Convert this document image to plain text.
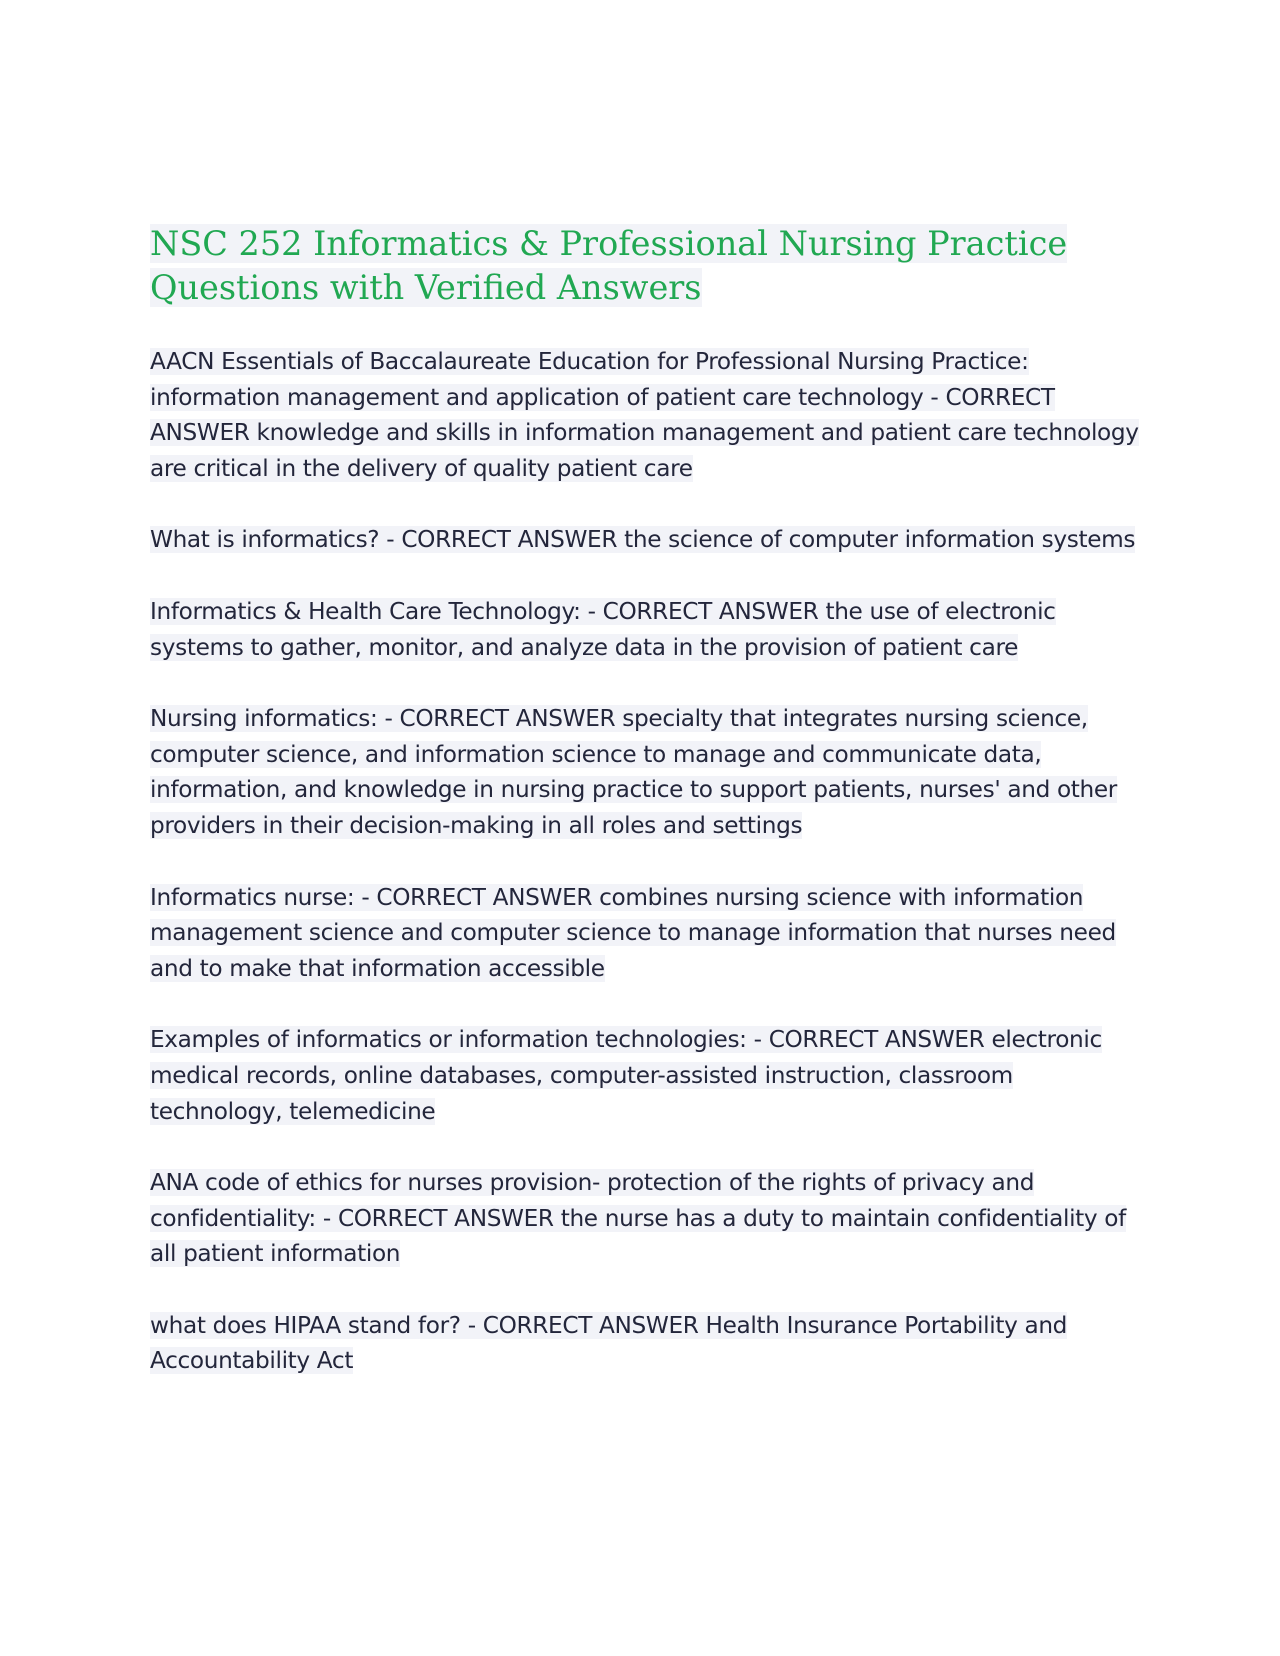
NSC 252 Informatics & Professional Nursing Practice Questions with Verified Answers

AACN Essentials of Baccalaureate Education for Professional Nursing Practice: information management and application of patient care technology - CORRECT ANSWER knowledge and skills in information management and patient care technology are critical in the delivery of quality patient care

What is informatics? - CORRECT ANSWER the science of computer information systems

Informatics & Health Care Technology: - CORRECT ANSWER the use of electronic systems to gather, monitor, and analyze data in the provision of patient care

Nursing informatics: - CORRECT ANSWER specialty that integrates nursing science, computer science, and information science to manage and communicate data, information, and knowledge in nursing practice to support patients, nurses' and other providers in their decision-making in all roles and settings

Informatics nurse: - CORRECT ANSWER combines nursing science with information management science and computer science to manage information that nurses need and to make that information accessible

Examples of informatics or information technologies: - CORRECT ANSWER electronic medical records, online databases, computer-assisted instruction, classroom technology, telemedicine

ANA code of ethics for nurses provision- protection of the rights of privacy and confidentiality: - CORRECT ANSWER the nurse has a duty to maintain confidentiality of all patient information

what does HIPAA stand for? - CORRECT ANSWER Health Insurance Portability and Accountability Act
